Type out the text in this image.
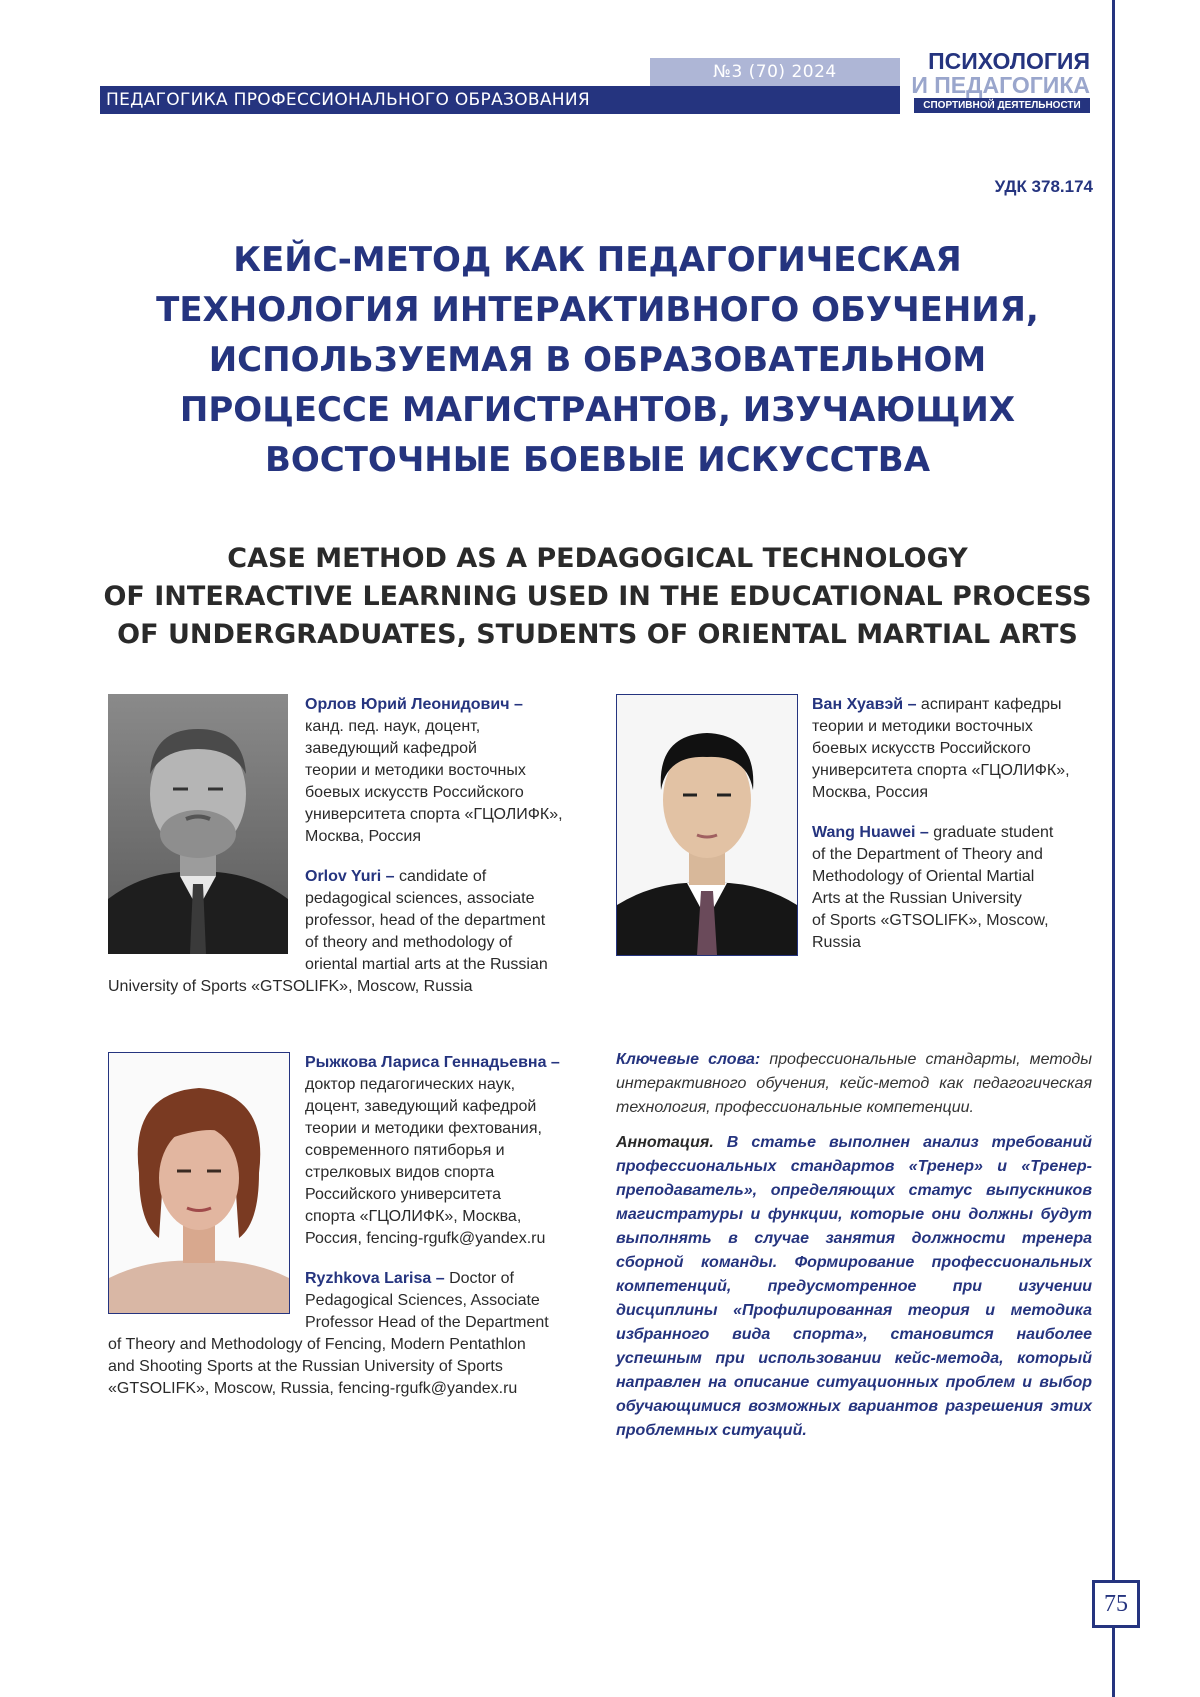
№3 (70) 2024
ПЕДАГОГИКА ПРОФЕССИОНАЛЬНОГО ОБРАЗОВАНИЯ
ПСИХОЛОГИЯ
И ПЕДАГОГИКА
СПОРТИВНОЙ ДЕЯТЕЛЬНОСТИ
УДК 378.174
КЕЙС-МЕТОД КАК ПЕДАГОГИЧЕСКАЯ
ТЕХНОЛОГИЯ ИНТЕРАКТИВНОГО ОБУЧЕНИЯ,
ИСПОЛЬЗУЕМАЯ В ОБРАЗОВАТЕЛЬНОМ
ПРОЦЕССЕ МАГИСТРАНТОВ, ИЗУЧАЮЩИХ
ВОСТОЧНЫЕ БОЕВЫЕ ИСКУССТВА
CASE METHOD AS A PEDAGOGICAL TECHNOLOGY
OF INTERACTIVE LEARNING USED IN THE EDUCATIONAL PROCESS
OF UNDERGRADUATES, STUDENTS OF ORIENTAL MARTIAL ARTS

Орлов Юрий Леонидович –
канд. пед. наук, доцент,
заведующий кафедрой
теории и методики восточных
боевых искусств Российского
университета спорта «ГЦОЛИФК»,
Москва, Россия

Orlov Yuri – candidate of
pedagogical sciences, associate
professor, head of the department
of theory and methodology of
oriental martial arts at the Russian
University of Sports «GTSOLIFK», Moscow, Russia

Ван Хуавэй – аспирант кафедры
теории и методики восточных
боевых искусств Российского
университета спорта «ГЦОЛИФК»,
Москва, Россия

Wang Huawei – graduate student
of the Department of Theory and
Methodology of Oriental Martial
Arts at the Russian University
of Sports «GTSOLIFK», Moscow,
Russia

Рыжкова Лариса Геннадьевна –
доктор педагогических наук,
доцент, заведующий кафедрой
теории и методики фехтования,
современного пятиборья и
стрелковых видов спорта
Российского университета
спорта «ГЦОЛИФК», Москва,
Россия, fencing-rgufk@yandex.ru

Ryzhkova Larisa – Doctor of
Pedagogical Sciences, Associate
Professor Head of the Department
of Theory and Methodology of Fencing, Modern Pentathlon
and Shooting Sports at the Russian University of Sports
«GTSOLIFK», Moscow, Russia, fencing-rgufk@yandex.ru

Ключевые слова: профессиональные стандарты, методы интерактивного обучения, кейс-метод как педагогическая технология, профессиональные компетенции.
Аннотация. В статье выполнен анализ требований профессиональных стандартов «Тренер» и «Тренер-преподаватель», определяющих статус выпускников магистратуры и функции, которые они должны будут выполнять в случае занятия должности тренера сборной команды. Формирование профессиональных компетенций, предусмотренное при изучении дисциплины «Профилированная теория и методика избранного вида спорта», становится наиболее успешным при использовании кейс-метода, который направлен на описание ситуационных проблем и выбор обучающимися возможных вариантов разрешения этих проблемных ситуаций.
75
